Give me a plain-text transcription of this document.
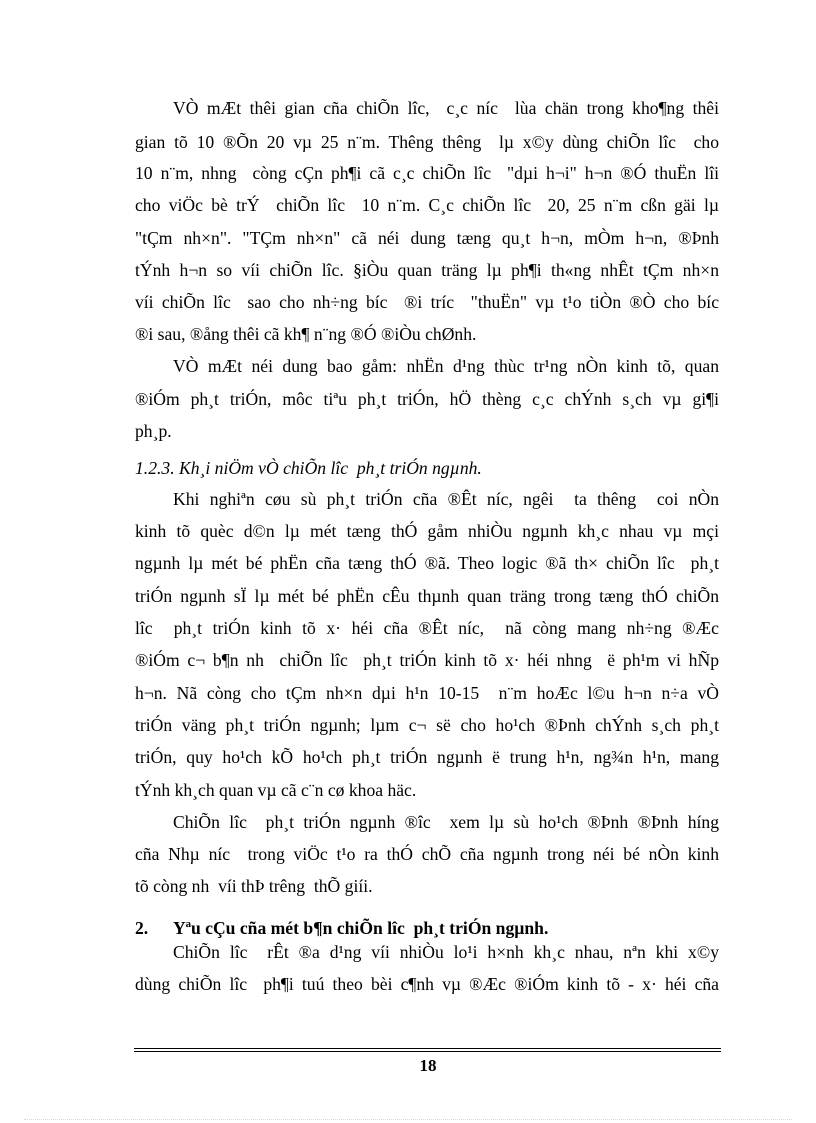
VÒ mÆt thêi gian cña chiÕn lîc,  c¸c níc  lùa chän trong kho¶ng thêi
gian tõ 10 ®Õn 20 vµ 25 n¨m. Thêng thêng  lµ x©y dùng chiÕn lîc  cho
10 n¨m, nhng  còng cÇn ph¶i cã c¸c chiÕn lîc  "dµi h¬i" h¬n ®Ó thuËn lîi
cho viÖc bè trÝ  chiÕn lîc  10 n¨m. C¸c chiÕn lîc  20, 25 n¨m cßn gäi lµ
"tÇm nh×n". "TÇm nh×n" cã néi dung tæng qu¸t h¬n, mÒm h¬n, ®Þnh
tÝnh h¬n so víi chiÕn lîc. §iÒu quan träng lµ ph¶i th«ng nhÊt tÇm nh×n
víi chiÕn lîc  sao cho nh÷ng bíc  ®i tríc  "thuËn" vµ t¹o tiÒn ®Ò cho bíc
®i sau, ®ång thêi cã kh¶ n¨ng ®Ó ®iÒu chØnh.
VÒ mÆt néi dung bao gåm: nhËn d¹ng thùc tr¹ng nÒn kinh tõ, quan
®iÓm ph¸t triÓn, môc tiªu ph¸t triÓn, hÖ thèng c¸c chÝnh s¸ch vµ gi¶i
ph¸p.
1.2.3. Kh¸i niÖm vÒ chiÕn lîc  ph¸t triÓn ngµnh.
Khi nghiªn cøu sù ph¸t triÓn cña ®Êt níc, ngêi  ta thêng  coi nÒn
kinh tõ quèc d©n lµ mét tæng thÓ gåm nhiÒu ngµnh kh¸c nhau vµ mçi
ngµnh lµ mét bé phËn cña tæng thÓ ®ã. Theo logic ®ã th× chiÕn lîc  ph¸t
triÓn ngµnh sÏ lµ mét bé phËn cÊu thµnh quan träng trong tæng thÓ chiÕn
lîc  ph¸t triÓn kinh tõ x· héi cña ®Êt níc,  nã còng mang nh÷ng ®Æc
®iÓm c¬ b¶n nh  chiÕn lîc  ph¸t triÓn kinh tõ x· héi nhng  ë ph¹m vi hÑp
h¬n. Nã còng cho tÇm nh×n dµi h¹n 10-15  n¨m hoÆc l©u h¬n n÷a vÒ
triÓn väng ph¸t triÓn ngµnh; lµm c¬ së cho ho¹ch ®Þnh chÝnh s¸ch ph¸t
triÓn, quy ho¹ch kÕ ho¹ch ph¸t triÓn ngµnh ë trung h¹n, ng¾n h¹n, mang
tÝnh kh¸ch quan vµ cã c¨n cø khoa häc.
ChiÕn lîc  ph¸t triÓn ngµnh ®îc  xem lµ sù ho¹ch ®Þnh ®Þnh híng
cña Nhµ níc  trong viÖc t¹o ra thÓ chÕ cña ngµnh trong néi bé nÒn kinh
tõ còng nh  víi thÞ trêng  thÕ giíi.
2. Yªu cÇu cña mét b¶n chiÕn lîc  ph¸t triÓn ngµnh.
ChiÕn lîc  rÊt ®a d¹ng víi nhiÒu lo¹i h×nh kh¸c nhau, nªn khi x©y
dùng chiÕn lîc  ph¶i tuú theo bèi c¶nh vµ ®Æc ®iÓm kinh tõ - x· héi cña
18
